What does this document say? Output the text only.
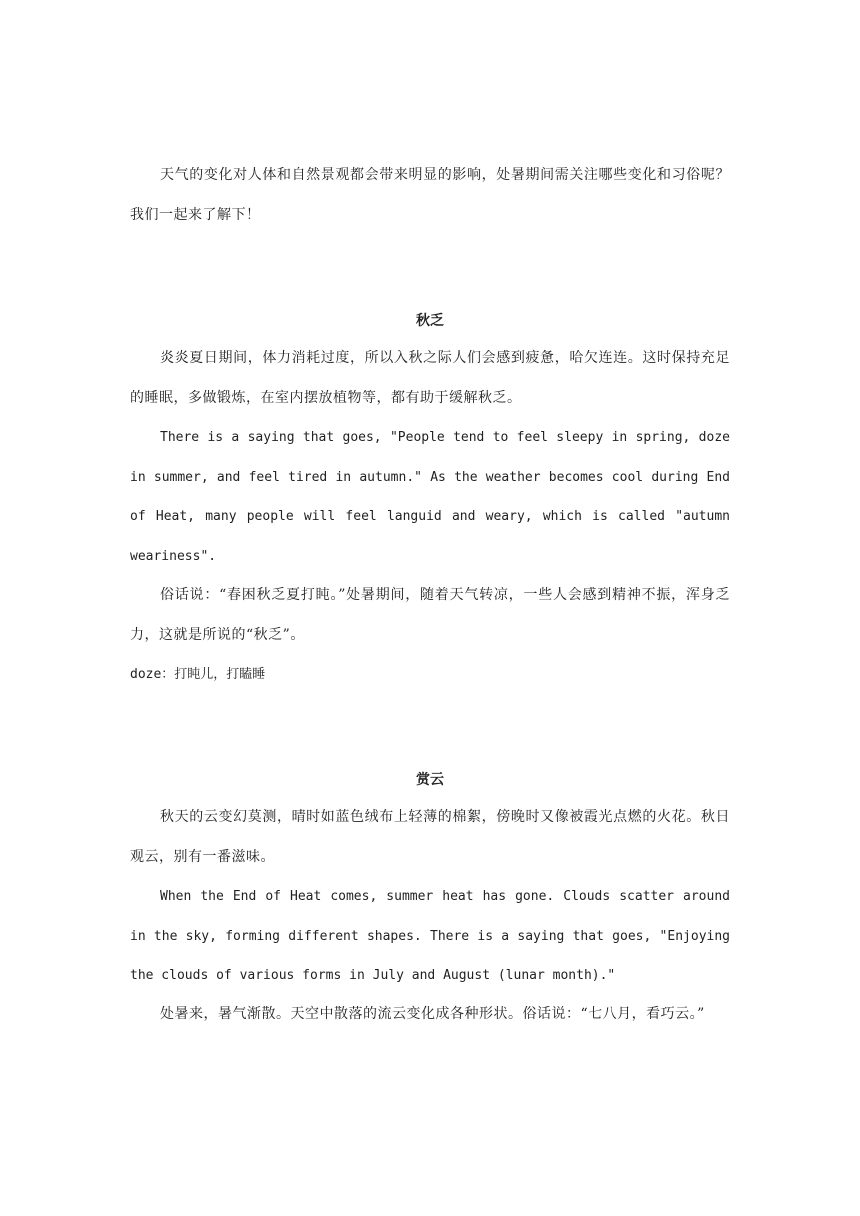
天气的变化对人体和自然景观都会带来明显的影响，处暑期间需关注哪些变化和习俗呢？我们一起来了解下！

秋乏

炎炎夏日期间，体力消耗过度，所以入秋之际人们会感到疲惫，哈欠连连。这时保持充足的睡眠，多做锻炼，在室内摆放植物等，都有助于缓解秋乏。

There is a saying that goes, "People tend to feel sleepy in spring, doze in summer, and feel tired in autumn." As the weather becomes cool during End of Heat, many people will feel languid and weary, which is called "autumn weariness".

俗话说：“春困秋乏夏打盹。”处暑期间，随着天气转凉，一些人会感到精神不振，浑身乏力，这就是所说的“秋乏”。

doze：打盹儿，打瞌睡

赏云

秋天的云变幻莫测，晴时如蓝色绒布上轻薄的棉絮，傍晚时又像被霞光点燃的火花。秋日观云，别有一番滋味。

When the End of Heat comes, summer heat has gone. Clouds scatter around in the sky, forming different shapes. There is a saying that goes, "Enjoying the clouds of various forms in July and August (lunar month)."

处暑来，暑气渐散。天空中散落的流云变化成各种形状。俗话说：“七八月，看巧云。”
